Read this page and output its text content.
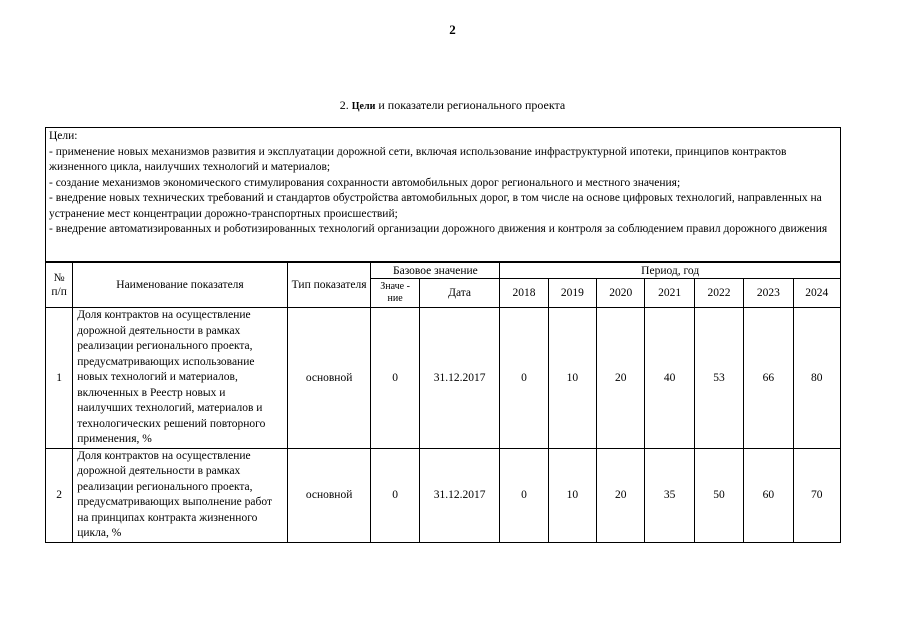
2
2. Цели и показатели регионального проекта
Цели:
- применение новых механизмов развития и эксплуатации дорожной сети, включая использование инфраструктурной ипотеки, принципов контрактов жизненного цикла, наилучших технологий и материалов;
- создание механизмов экономического стимулирования сохранности автомобильных дорог регионального и местного значения;
- внедрение новых технических требований и стандартов обустройства автомобильных дорог, в том числе на основе цифровых технологий, направленных на устранение мест концентрации дорожно-транспортных происшествий;
- внедрение автоматизированных и роботизированных технологий организации дорожного движения и контроля за соблюдением правил дорожного движения
№ п/п	Наименование показателя	Тип показателя	Базовое значение		Период, год						
			Значе - ние	Дата	2018	2019	2020	2021	2022	2023	2024
1	Доля контрактов на осуществление дорожной деятельности в рамках реализации регионального проекта, предусматривающих использование новых технологий и материалов, включенных в Реестр новых и наилучших технологий, материалов и технологических решений повторного применения, %	основной	0	31.12.2017	0	10	20	40	53	66	80
2	Доля контрактов на осуществление дорожной деятельности в рамках реализации регионального проекта, предусматривающих выполнение работ на принципах контракта жизненного цикла, %	основной	0	31.12.2017	0	10	20	35	50	60	70
